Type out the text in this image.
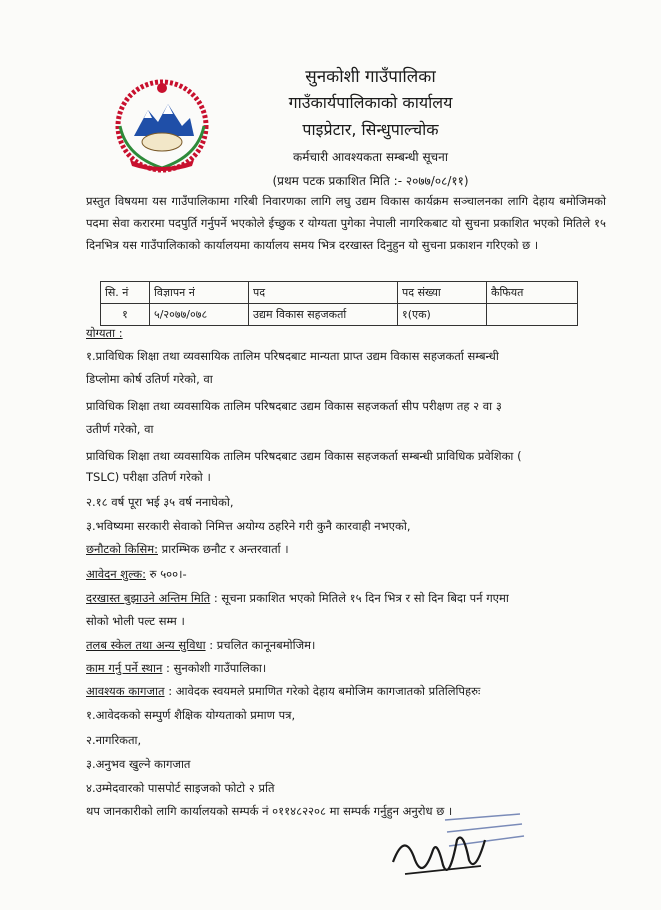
सुनकोशी गाउँपालिका
गाउँकार्यपालिकाको कार्यालय
पाइप्रेटार, सिन्धुपाल्चोक
कर्मचारी आवश्यकता सम्बन्धी सूचना
(प्रथम पटक प्रकाशित मिति :- २०७७/०८/११)
प्रस्तुत विषयमा यस गाउँपालिकामा गरिबी निवारणका लागि लघु उद्यम विकास कार्यक्रम सञ्चालनका लागि देहाय बमोजिमको पदमा सेवा करारमा पदपुर्ति गर्नुपर्ने भएकोले ईच्छुक र योग्यता पुगेका नेपाली नागरिकबाट यो सुचना प्रकाशित भएको मितिले १५ दिनभित्र यस गाउँपालिकाको कार्यालयमा कार्यालय समय भित्र दरखास्त दिनुहुन यो सुचना प्रकाशन गरिएको छ ।
सि. नं	विज्ञापन नं	पद	पद संख्या	कैफियत
१	५/२०७७/०७८	उद्यम विकास सहजकर्ता	१(एक)	
योग्यता :
१.प्राविधिक शिक्षा तथा व्यवसायिक तालिम परिषदबाट मान्यता प्राप्त उद्यम विकास सहजकर्ता सम्बन्धी
डिप्लोमा कोर्ष उतिर्ण गरेको, वा
प्राविधिक शिक्षा तथा व्यवसायिक तालिम परिषदबाट उद्यम विकास सहजकर्ता सीप परीक्षण तह २ वा ३
उतीर्ण गरेको, वा
प्राविधिक शिक्षा तथा व्यवसायिक तालिम परिषदबाट उद्यम विकास सहजकर्ता सम्बन्धी प्राविधिक प्रवेशिका (
TSLC) परीक्षा उतिर्ण गरेको ।
२.१८ वर्ष पूरा भई ३५ वर्ष ननाघेको,
३.भविष्यमा सरकारी सेवाको निमित्त अयोग्य ठहरिने गरी कुनै कारवाही नभएको,
छनौटको किसिम: प्रारम्भिक छनौट र अन्तरवार्ता ।
आवेदन शुल्क: रु ५००।-
दरखास्त बुझाउने अन्तिम मिति : सूचना प्रकाशित भएको मितिले १५ दिन भित्र र सो दिन बिदा पर्न गएमा
सोको भोली पल्ट सम्म ।
तलब स्केल तथा अन्य सुविधा : प्रचलित कानूनबमोजिम।
काम गर्नु पर्ने स्थान : सुनकोशी गाउँपालिका।
आवश्यक कागजात : आवेदक स्वयमले प्रमाणित गरेको देहाय बमोजिम कागजातको प्रतिलिपिहरुः
१.आवेदकको सम्पुर्ण शैक्षिक योग्यताको प्रमाण पत्र,
२.नागरिकता,
३.अनुभव खुल्ने कागजात
४.उम्मेदवारको पासपोर्ट साइजको फोटो २ प्रति
थप जानकारीको लागि कार्यालयको सम्पर्क नं ०११४८२२०८ मा सम्पर्क गर्नुहुन अनुरोध छ ।
